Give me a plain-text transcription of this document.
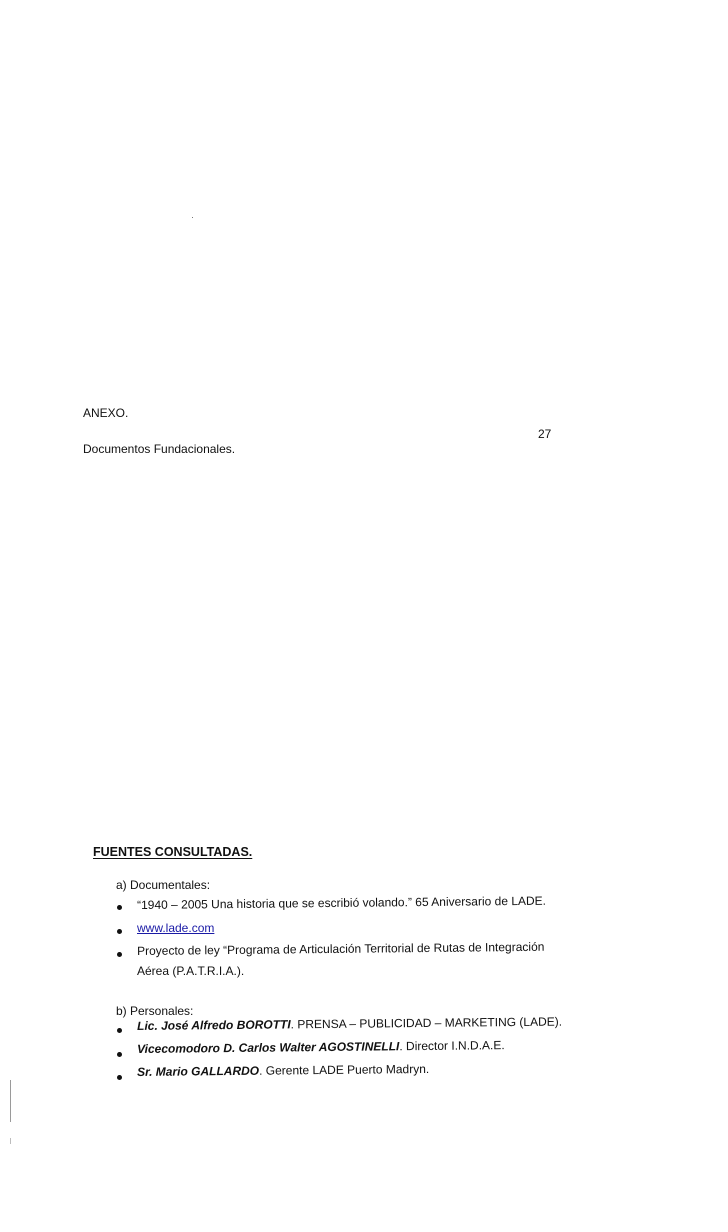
ANEXO.
Documentos Fundacionales.
27
FUENTES CONSULTADAS.
a) Documentales:
“1940 – 2005 Una historia que se escribió volando.” 65 Aniversario de LADE.
www.lade.com
Proyecto de ley “Programa de Articulación Territorial de Rutas de Integración
Aérea (P.A.T.R.I.A.).
b) Personales:
Lic. José Alfredo BOROTTI. PRENSA – PUBLICIDAD – MARKETING (LADE).
Vicecomodoro D. Carlos Walter AGOSTINELLI. Director I.N.D.A.E.
Sr. Mario GALLARDO. Gerente LADE Puerto Madryn.
